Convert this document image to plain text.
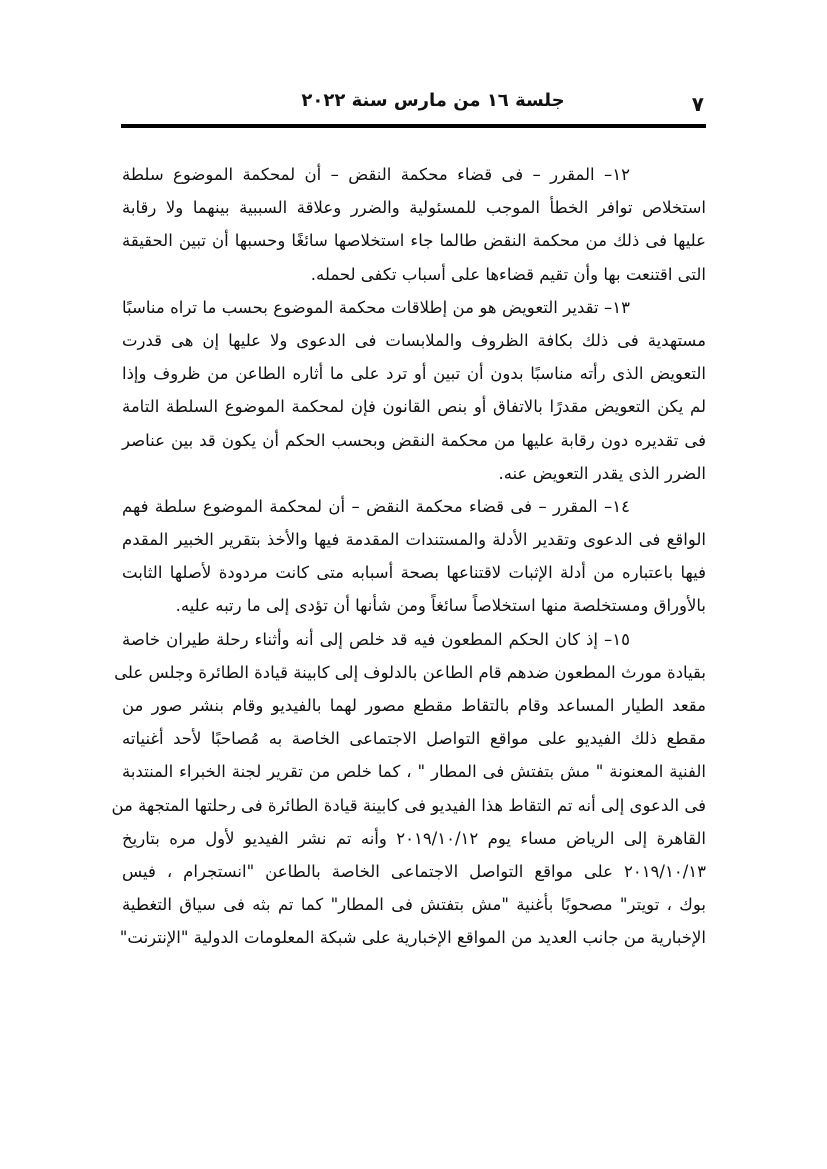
٧
جلسة ١٦ من مارس سنة ٢٠٢٢
١٢– المقرر – فى قضاء محكمة النقض – أن لمحكمة الموضوع سلطة
استخلاص توافر الخطأ الموجب للمسئولية والضرر وعلاقة السببية بينهما ولا رقابة
عليها فى ذلك من محكمة النقض طالما جاء استخلاصها سائغًا وحسبها أن تبين الحقيقة
التى اقتنعت بها وأن تقيم قضاءها على أسباب تكفى لحمله.
١٣– تقدير التعويض هو من إطلاقات محكمة الموضوع بحسب ما تراه مناسبًا
مستهدية فى ذلك بكافة الظروف والملابسات فى الدعوى ولا عليها إن هى قدرت
التعويض الذى رأته مناسبًا بدون أن تبين أو ترد على ما أثاره الطاعن من ظروف وإذا
لم يكن التعويض مقدرًا بالاتفاق أو بنص القانون فإن لمحكمة الموضوع السلطة التامة
فى تقديره دون رقابة عليها من محكمة النقض وبحسب الحكم أن يكون قد بين عناصر
الضرر الذى يقدر التعويض عنه.
١٤– المقرر – فى قضاء محكمة النقض – أن لمحكمة الموضوع سلطة فهم
الواقع فى الدعوى وتقدير الأدلة والمستندات المقدمة فيها والأخذ بتقرير الخبير المقدم
فيها باعتباره من أدلة الإثبات لاقتناعها بصحة أسبابه متى كانت مردودة لأصلها الثابت
بالأوراق ومستخلصة منها استخلاصاً سائغاً ومن شأنها أن تؤدى إلى ما رتبه عليه.
١٥– إذ كان الحكم المطعون فيه قد خلص إلى أنه وأثناء رحلة طيران خاصة
بقيادة مورث المطعون ضدهم قام الطاعن بالدلوف إلى كابينة قيادة الطائرة وجلس على
مقعد الطيار المساعد وقام بالتقاط مقطع مصور لهما بالفيديو وقام بنشر صور من
مقطع ذلك الفيديو على مواقع التواصل الاجتماعى الخاصة به مُصاحبًا لأحد أغنياته
الفنية المعنونة " مش بتفتش فى المطار " ، كما خلص من تقرير لجنة الخبراء المنتدبة
فى الدعوى إلى أنه تم التقاط هذا الفيديو فى كابينة قيادة الطائرة فى رحلتها المتجهة من
القاهرة إلى الرياض مساء يوم ٢٠١٩/١٠/١٢ وأنه تم نشر الفيديو لأول مره بتاريخ
٢٠١٩/١٠/١٣ على مواقع التواصل الاجتماعى الخاصة بالطاعن "انستجرام ، فيس
بوك ، تويتر" مصحوبًا بأغنية "مش بتفتش فى المطار" كما تم بثه فى سياق التغطية
الإخبارية من جانب العديد من المواقع الإخبارية على شبكة المعلومات الدولية "الإنترنت"
